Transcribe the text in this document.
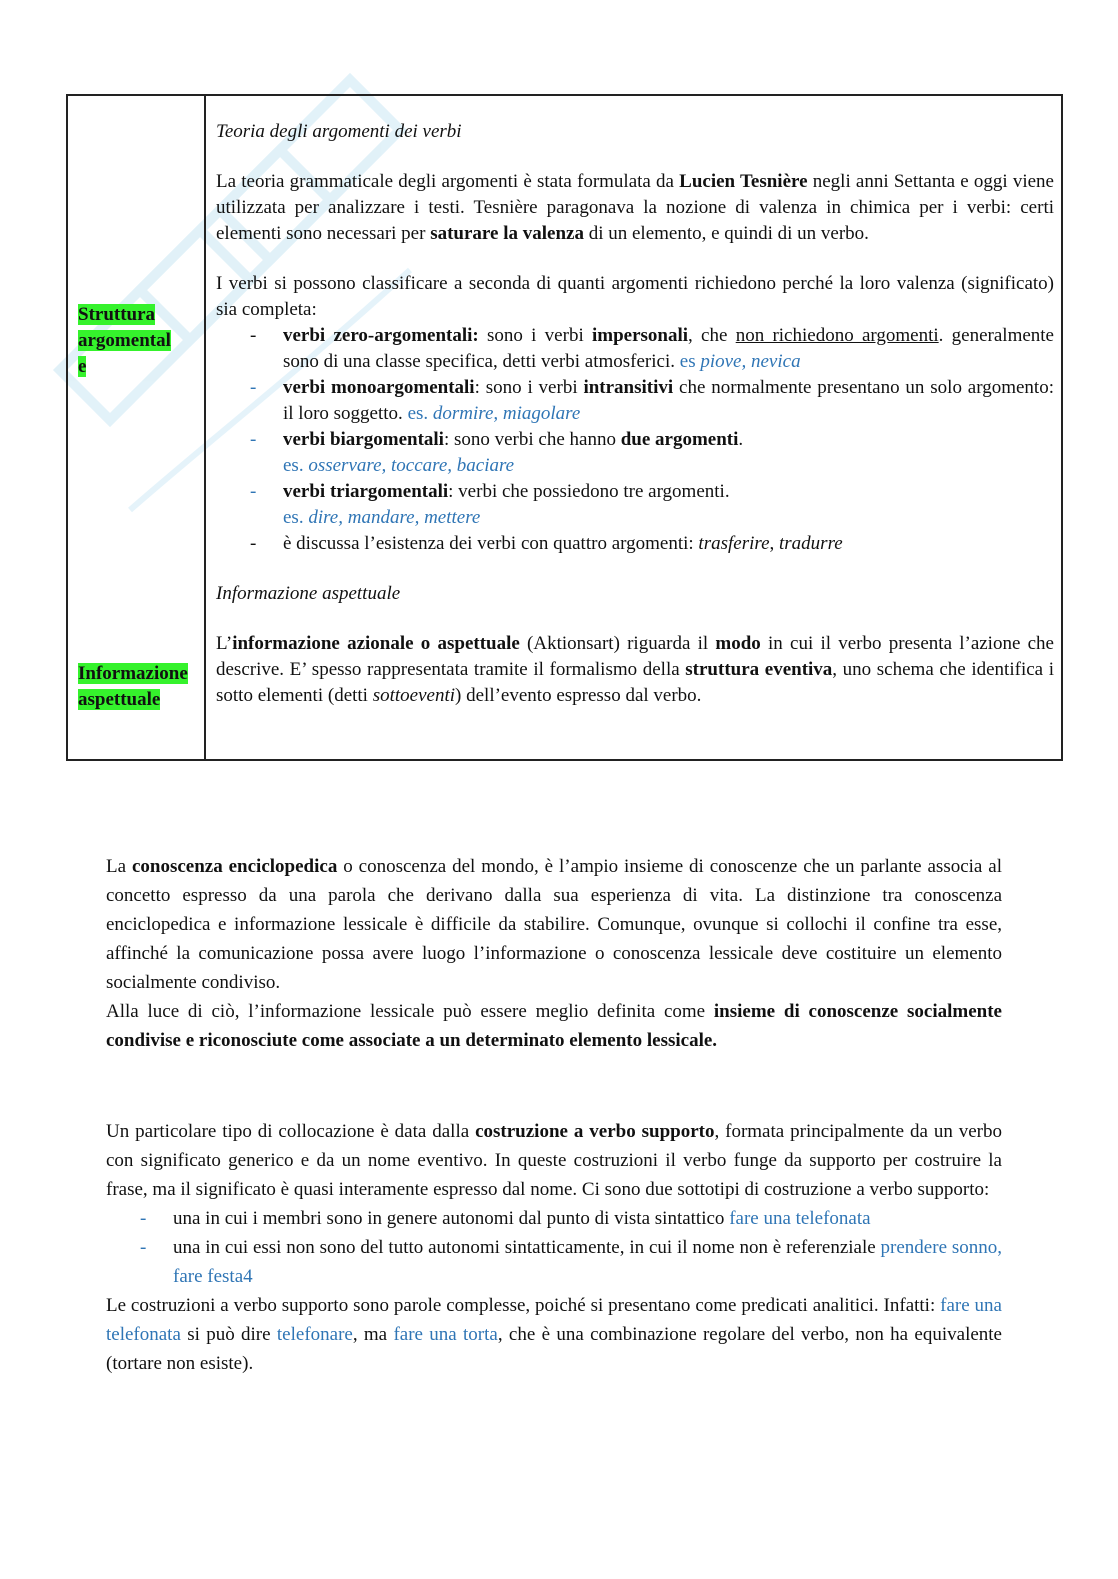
Struttura
argomental
e
Informazione
aspettuale

Teoria degli argomenti dei verbi

La teoria grammaticale degli argomenti è stata formulata da Lucien Tesnière negli anni Settanta e oggi viene utilizzata per analizzare i testi. Tesnière paragonava la nozione di valenza in chimica per i verbi: certi elementi sono necessari per saturare la valenza di un elemento, e quindi di un verbo.

I verbi si possono classificare a seconda di quanti argomenti richiedono perché la loro valenza (significato) sia completa:

- verbi zero-argomentali: sono i verbi impersonali, che non richiedono argomenti. generalmente sono di una classe specifica, detti verbi atmosferici. es piove, nevica
- verbi monoargomentali: sono i verbi intransitivi che normalmente presentano un solo argomento: il loro soggetto. es. dormire, miagolare
- verbi biargomentali: sono verbi che hanno due argomenti.
es. osservare, toccare, baciare
- verbi triargomentali: verbi che possiedono tre argomenti.
es. dire, mandare, mettere
- è discussa l’esistenza dei verbi con quattro argomenti: trasferire, tradurre

Informazione aspettuale

L’informazione azionale o aspettuale (Aktionsart) riguarda il modo in cui il verbo presenta l’azione che descrive. E’ spesso rappresentata tramite il formalismo della struttura eventiva, uno schema che identifica i sotto elementi (detti sottoeventi) dell’evento espresso dal verbo.

La conoscenza enciclopedica o conoscenza del mondo, è l’ampio insieme di conoscenze che un parlante associa al concetto espresso da una parola che derivano dalla sua esperienza di vita. La distinzione tra conoscenza enciclopedica e informazione lessicale è difficile da stabilire. Comunque, ovunque si collochi il confine tra esse, affinché la comunicazione possa avere luogo l’informazione o conoscenza lessicale deve costituire un elemento socialmente condiviso.

Alla luce di ciò, l’informazione lessicale può essere meglio definita come insieme di conoscenze socialmente condivise e riconosciute come associate a un determinato elemento lessicale.

Un particolare tipo di collocazione è data dalla costruzione a verbo supporto, formata principalmente da un verbo con significato generico e da un nome eventivo. In queste costruzioni il verbo funge da supporto per costruire la frase, ma il significato è quasi interamente espresso dal nome. Ci sono due sottotipi di costruzione a verbo supporto:

- una in cui i membri sono in genere autonomi dal punto di vista sintattico fare una telefonata
- una in cui essi non sono del tutto autonomi sintatticamente, in cui il nome non è referenziale prendere sonno, fare festa4

Le costruzioni a verbo supporto sono parole complesse, poiché si presentano come predicati analitici. Infatti: fare una telefonata si può dire telefonare, ma fare una torta, che è una combinazione regolare del verbo, non ha equivalente (tortare non esiste).
